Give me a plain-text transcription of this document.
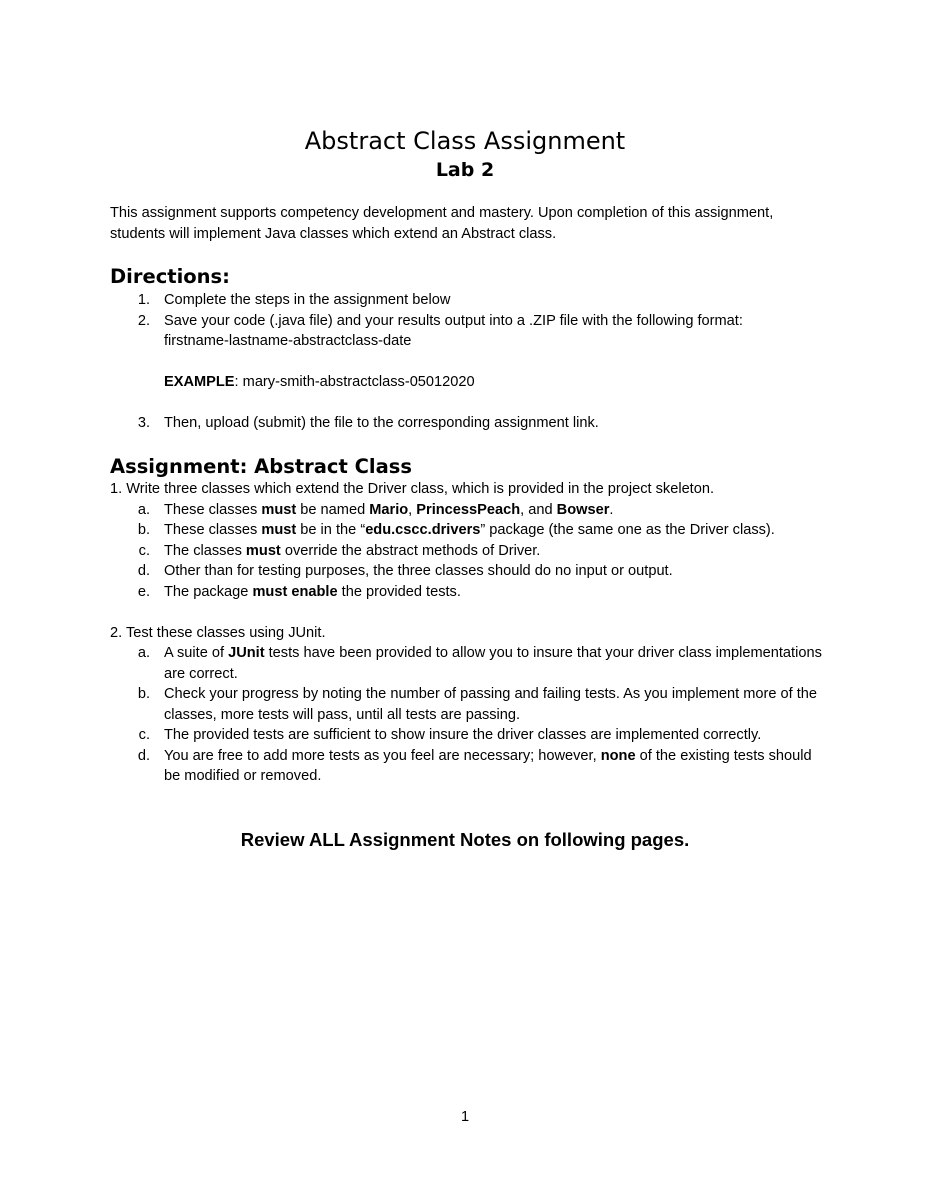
Abstract Class Assignment
Lab 2
This assignment supports competency development and mastery. Upon completion of this assignment, students will implement Java classes which extend an Abstract class.
Directions:
1. Complete the steps in the assignment below
2. Save your code (.java file) and your results output into a .ZIP file with the following format:
firstname-lastname-abstractclass-date
EXAMPLE: mary-smith-abstractclass-05012020
3. Then, upload (submit) the file to the corresponding assignment link.
Assignment: Abstract Class
1. Write three classes which extend the Driver class, which is provided in the project skeleton.
a. These classes must be named Mario, PrincessPeach, and Bowser.
b. These classes must be in the “edu.cscc.drivers” package (the same one as the Driver class).
c. The classes must override the abstract methods of Driver.
d. Other than for testing purposes, the three classes should do no input or output.
e. The package must enable the provided tests.
2. Test these classes using JUnit.
a. A suite of JUnit tests have been provided to allow you to insure that your driver class implementations are correct.
b. Check your progress by noting the number of passing and failing tests. As you implement more of the classes, more tests will pass, until all tests are passing.
c. The provided tests are sufficient to show insure the driver classes are implemented correctly.
d. You are free to add more tests as you feel are necessary; however, none of the existing tests should be modified or removed.
Review ALL Assignment Notes on following pages.
1
